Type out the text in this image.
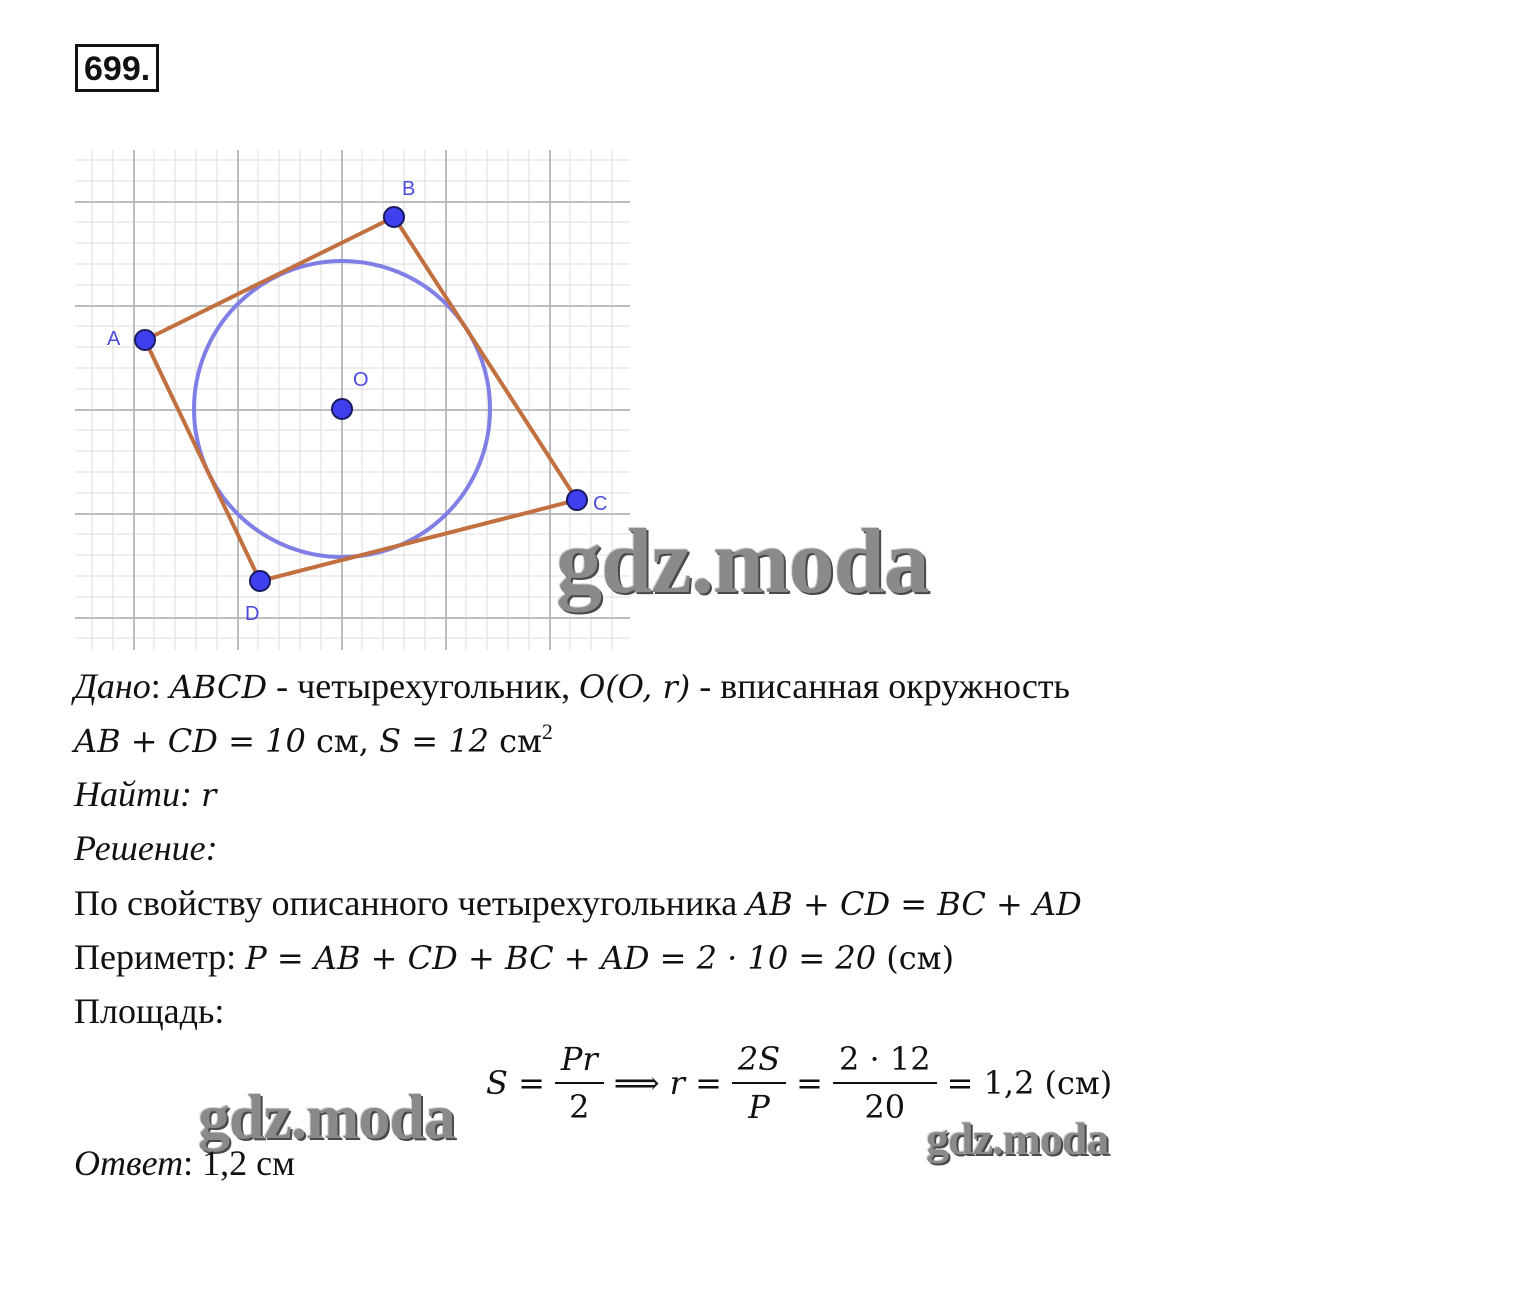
699.
A
B
C
D
O
gdz.moda
Дано: ABCD - четырехугольник, O(O, r) - вписанная окружность
AB + CD = 10 см, S = 12 $см^2$
Найти: r
Решение:
По свойству описанного четырехугольника AB + CD = BC + AD
Периметр: P = AB + CD + BC + AD = 2 · 10 = 20 (см)
Площадь:
$S = \frac{Pr}{2}$ ⟹ $r = \frac{2S}{P} = \frac{2 \cdot 12}{20} = 1,2$ (см)
gdz.moda	gdz.moda
Ответ: 1,2 см
